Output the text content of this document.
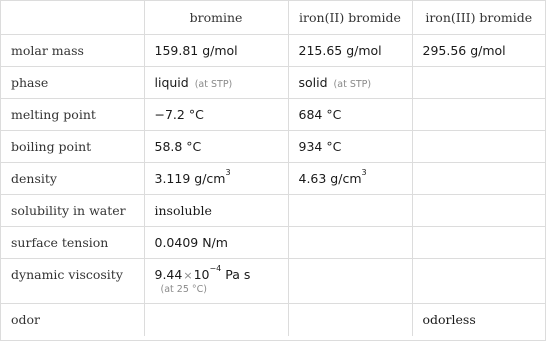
	bromine	iron(II) bromide	iron(III) bromide
molar mass	159.81 g/mol	215.65 g/mol	295.56 g/mol
phase	liquid (at STP)	solid (at STP)	
melting point	−7.2 °C	684 °C	
boiling point	58.8 °C	934 °C	
density	3.119 $g/cm^3$	4.63 $g/cm^3$	
solubility in water	insoluble		
surface tension	0.0409 N/m		
dynamic viscosity	$9.44\times 10^{-4}$ Pa s
(at 25 °C)		

odor			odorless
